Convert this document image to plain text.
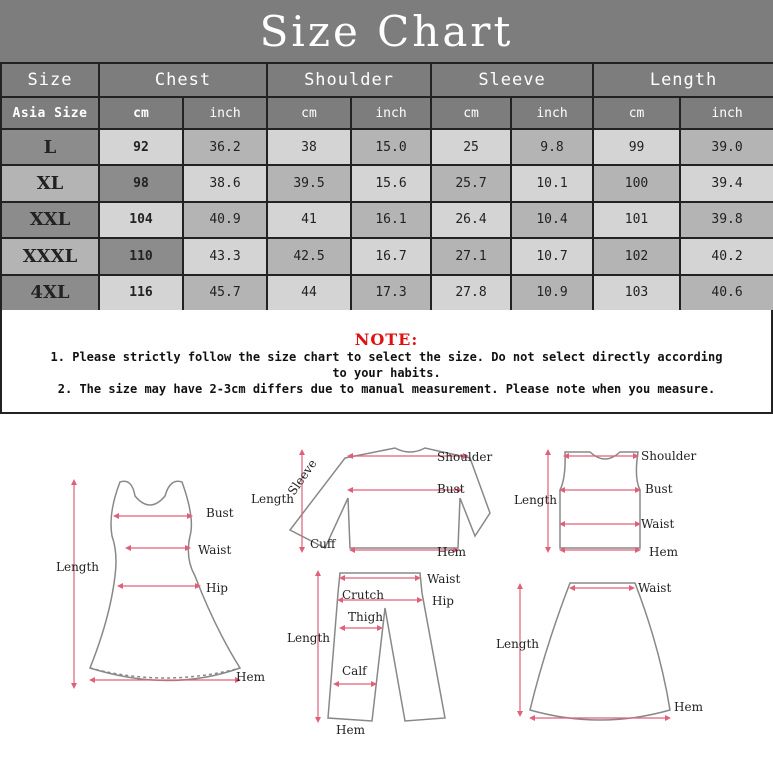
Size Chart
Size	Chest		Shoulder		Sleeve		Length	
Asia Size	cm	inch	cm	inch	cm	inch	cm	inch
L	92	36.2	38	15.0	25	9.8	99	39.0
XL	98	38.6	39.5	15.6	25.7	10.1	100	39.4
XXL	104	40.9	41	16.1	26.4	10.4	101	39.8
XXXL	110	43.3	42.5	16.7	27.1	10.7	102	40.2
4XL	116	45.7	44	17.3	27.8	10.9	103	40.6
NOTE:
1. Please strictly follow the size chart to select the size. Do not select directly according
to your habits.
2. The size may have 2-3cm differs due to manual measurement. Please note when you measure.
Length
Bust
Waist
Hip
Hem
Length
Sleeve	Shoulder
Bust
Cuff
Hem
Length
Shoulder
Bust
Waist
Hem
Length
Waist
Crutch	Hip
Thigh
Calf
Hem
Length
Waist
Hem
